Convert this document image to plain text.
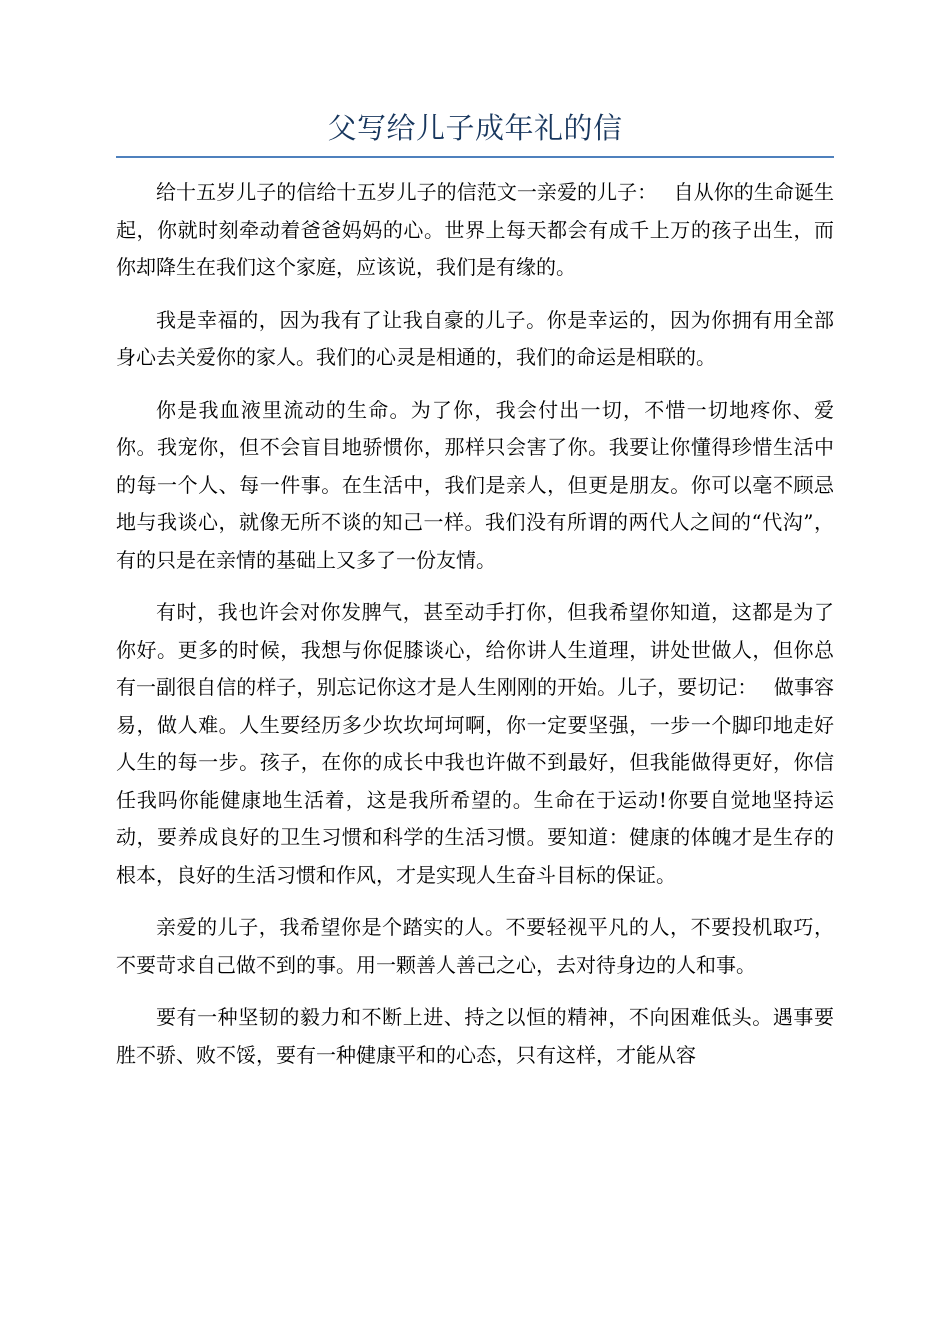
父写给儿子成年礼的信

给十五岁儿子的信给十五岁儿子的信范文一亲爱的儿子：　 自从你的生命诞生起，你就时刻牵动着爸爸妈妈的心。世界上每天都会有成千上万的孩子出生，而你却降生在我们这个家庭，应该说，我们是有缘的。

我是幸福的，因为我有了让我自豪的儿子。你是幸运的，因为你拥有用全部身心去关爱你的家人。我们的心灵是相通的，我们的命运是相联的。

你是我血液里流动的生命。为了你，我会付出一切，不惜一切地疼你、爱你。我宠你，但不会盲目地骄惯你，那样只会害了你。我要让你懂得珍惜生活中的每一个人、每一件事。在生活中，我们是亲人，但更是朋友。你可以毫不顾忌地与我谈心，就像无所不谈的知己一样。我们没有所谓的两代人之间的“代沟”，有的只是在亲情的基础上又多了一份友情。

有时，我也许会对你发脾气，甚至动手打你，但我希望你知道，这都是为了你好。更多的时候，我想与你促膝谈心，给你讲人生道理，讲处世做人，但你总有一副很自信的样子，别忘记你这才是人生刚刚的开始。儿子，要切记：　 做事容易，做人难。人生要经历多少坎坎坷坷啊，你一定要坚强，一步一个脚印地走好人生的每一步。孩子，在你的成长中我也许做不到最好，但我能做得更好，你信任我吗你能健康地生活着，这是我所希望的。生命在于运动!你要自觉地坚持运动，要养成良好的卫生习惯和科学的生活习惯。要知道：健康的体魄才是生存的根本，良好的生活习惯和作风，才是实现人生奋斗目标的保证。

亲爱的儿子，我希望你是个踏实的人。不要轻视平凡的人，不要投机取巧，不要苛求自己做不到的事。用一颗善人善己之心，去对待身边的人和事。

要有一种坚韧的毅力和不断上进、持之以恒的精神，不向困难低头。遇事要胜不骄、败不馁，要有一种健康平和的心态，只有这样，才能从容
